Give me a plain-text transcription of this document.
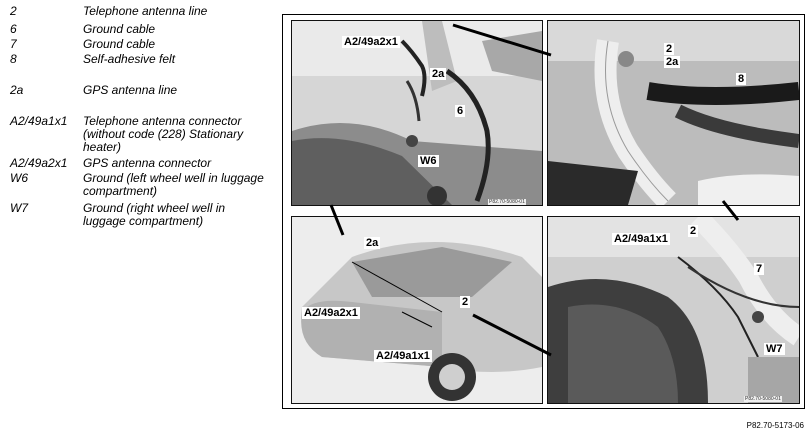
2	Telephone antenna line
6	Ground cable
7	Ground cable
8	Self-adhesive felt
2a	GPS antenna line
A2/49a1x1 Telephone antenna connector (without code (228) Stationary heater)
A2/49a2x1 GPS antenna connector
W6	Ground (left wheel well in luggage compartment)
W7	Ground (right wheel well in luggage compartment)
A2/49a2x1
2a
6
W6
P82.70-5080-01
2
2a
8
2a
2
A2/49a2x1
A2/49a1x1
A2/49a1x1
2
7
W7
P82.70-5080-01
P82.70-5173-06
